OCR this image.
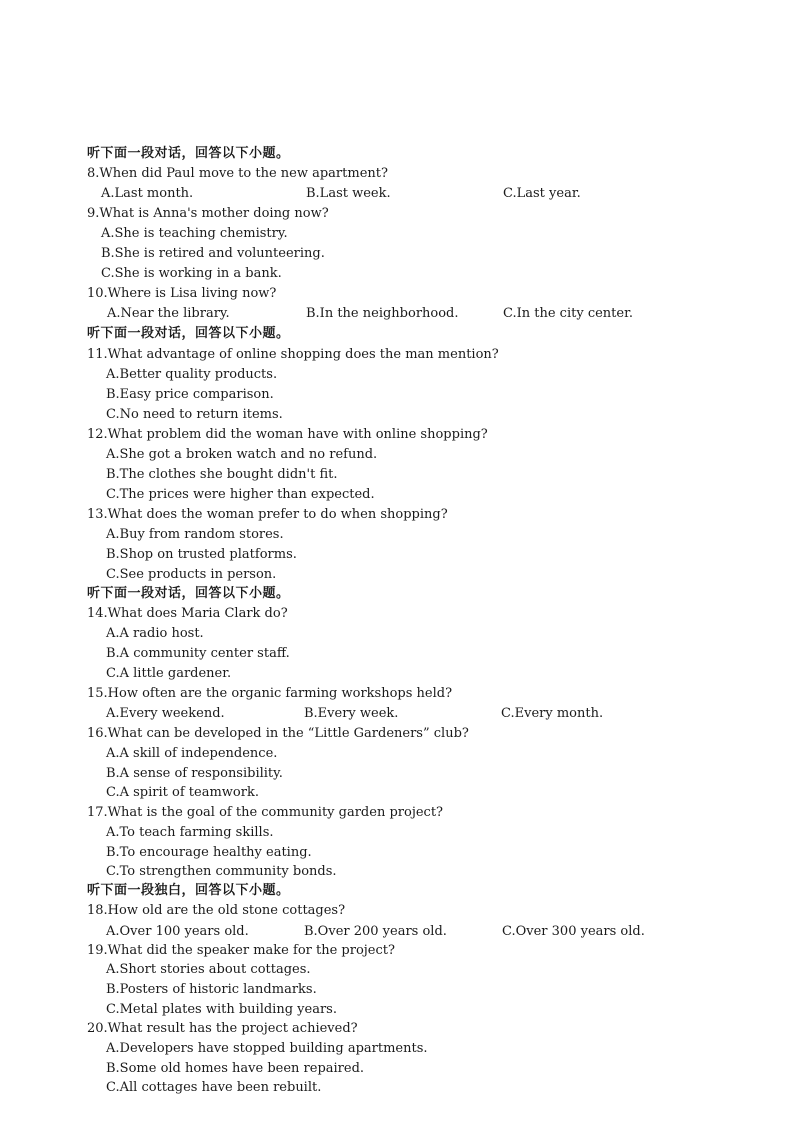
听下面一段对话，回答以下小题。
8.When did Paul move to the new apartment?
A.Last month.	B.Last week.	C.Last year.
9.What is Anna's mother doing now?
A.She is teaching chemistry.
B.She is retired and volunteering.
C.She is working in a bank.
10.Where is Lisa living now?
A.Near the library.	B.In the neighborhood.	C.In the city center.
听下面一段对话，回答以下小题。
11.What advantage of online shopping does the man mention?
A.Better quality products.
B.Easy price comparison.
C.No need to return items.
12.What problem did the woman have with online shopping?
A.She got a broken watch and no refund.
B.The clothes she bought didn't fit.
C.The prices were higher than expected.
13.What does the woman prefer to do when shopping?
A.Buy from random stores.
B.Shop on trusted platforms.
C.See products in person.
听下面一段对话，回答以下小题。
14.What does Maria Clark do?
A.A radio host.
B.A community center staff.
C.A little gardener.
15.How often are the organic farming workshops held?
A.Every weekend.	B.Every week.	C.Every month.
16.What can be developed in the “Little Gardeners” club?
A.A skill of independence.
B.A sense of responsibility.
C.A spirit of teamwork.
17.What is the goal of the community garden project?
A.To teach farming skills.
B.To encourage healthy eating.
C.To strengthen community bonds.
听下面一段独白，回答以下小题。
18.How old are the old stone cottages?
A.Over 100 years old.	B.Over 200 years old.	C.Over 300 years old.
19.What did the speaker make for the project?
A.Short stories about cottages.
B.Posters of historic landmarks.
C.Metal plates with building years.
20.What result has the project achieved?
A.Developers have stopped building apartments.
B.Some old homes have been repaired.
C.All cottages have been rebuilt.
